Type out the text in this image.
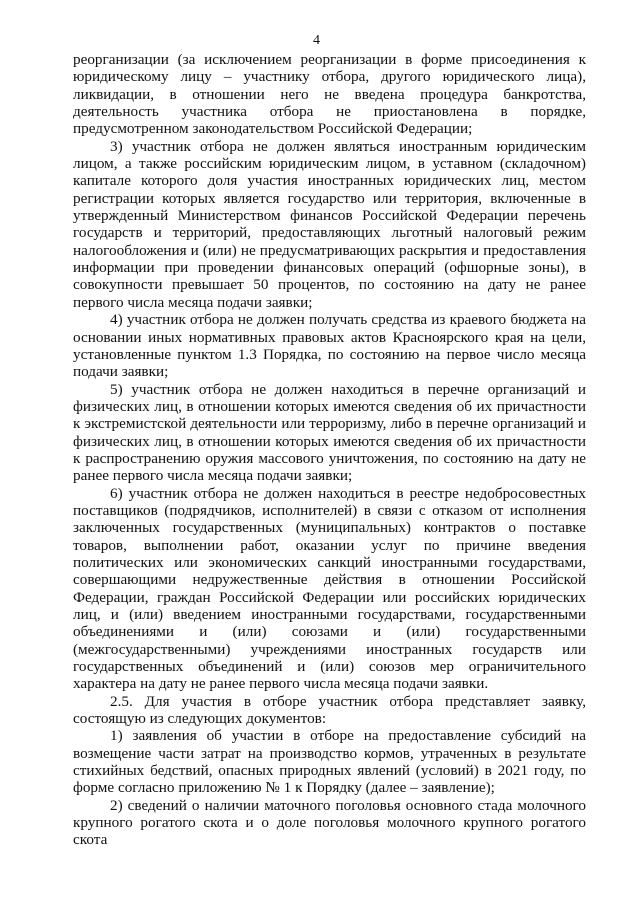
4

реорганизации (за исключением реорганизации в форме присоединения к юридическому лицу – участнику отбора, другого юридического лица), ликвидации, в отношении него не введена процедура банкротства, деятельность участника отбора не приостановлена в порядке, предусмотренном законодательством Российской Федерации;

3) участник отбора не должен являться иностранным юридическим лицом, а также российским юридическим лицом, в уставном (складочном) капитале которого доля участия иностранных юридических лиц, местом регистрации которых является государство или территория, включенные в утвержденный Министерством финансов Российской Федерации перечень государств и территорий, предоставляющих льготный налоговый режим налогообложения и (или) не предусматривающих раскрытия и предоставления информации при проведении финансовых операций (офшорные зоны), в совокупности превышает 50 процентов, по состоянию на дату не ранее первого числа месяца подачи заявки;

4) участник отбора не должен получать средства из краевого бюджета на основании иных нормативных правовых актов Красноярского края на цели, установленные пунктом 1.3 Порядка, по состоянию на первое число месяца подачи заявки;

5) участник отбора не должен находиться в перечне организаций и физических лиц, в отношении которых имеются сведения об их причастности к экстремистской деятельности или терроризму, либо в перечне организаций и физических лиц, в отношении которых имеются сведения об их причастности к распространению оружия массового уничтожения, по состоянию на дату не ранее первого числа месяца подачи заявки;

6) участник отбора не должен находиться в реестре недобросовестных поставщиков (подрядчиков, исполнителей) в связи с отказом от исполнения заключенных государственных (муниципальных) контрактов о поставке товаров, выполнении работ, оказании услуг по причине введения политических или экономических санкций иностранными государствами, совершающими недружественные действия в отношении Российской Федерации, граждан Российской Федерации или российских юридических лиц, и (или) введением иностранными государствами, государственными объединениями и (или) союзами и (или) государственными (межгосударственными) учреждениями иностранных государств или государственных объединений и (или) союзов мер ограничительного характера на дату не ранее первого числа месяца подачи заявки.

2.5. Для участия в отборе участник отбора представляет заявку, состоящую из следующих документов:

1) заявления об участии в отборе на предоставление субсидий на возмещение части затрат на производство кормов, утраченных в результате стихийных бедствий, опасных природных явлений (условий) в 2021 году, по форме согласно приложению № 1 к Порядку (далее – заявление);

2) сведений о наличии маточного поголовья основного стада молочного крупного рогатого скота и о доле поголовья молочного крупного рогатого скота
